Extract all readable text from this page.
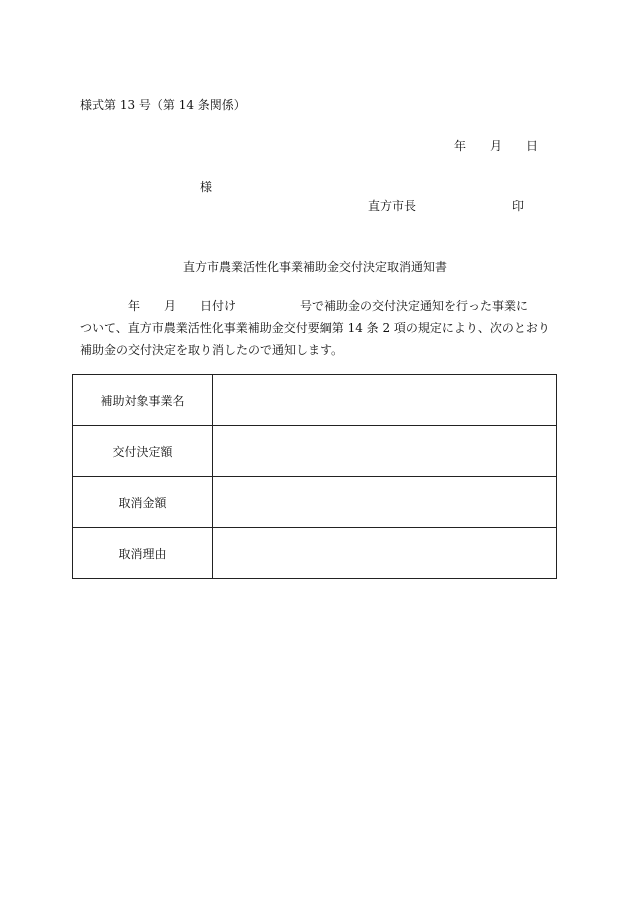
様式第 13 号（第 14 条関係）
年 月 日
様
直方市長	印
直方市農業活性化事業補助金交付決定取消通知書
年 月 日付け	号で補助金の交付決定通知を行った事業に
ついて、直方市農業活性化事業補助金交付要綱第 14 条 2 項の規定により、次のとおり
補助金の交付決定を取り消したので通知します。
補助対象事業名	
交付決定額	
取消金額	
取消理由	
